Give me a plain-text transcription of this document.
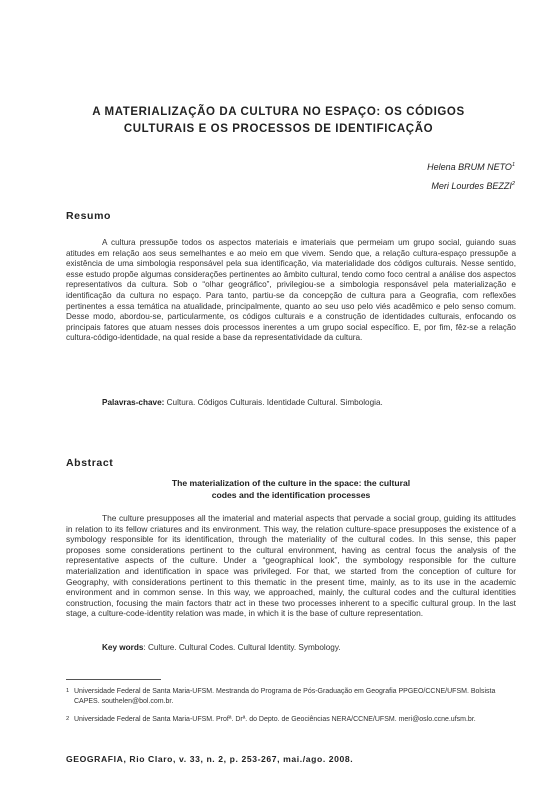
A MATERIALIZAÇÃO DA CULTURA NO ESPAÇO: OS CÓDIGOS
CULTURAIS E OS PROCESSOS DE IDENTIFICAÇÃO
Helena BRUM NETO$^1$
Meri Lourdes BEZZI$^2$
Resumo

A cultura pressupõe todos os aspectos materiais e imateriais que permeiam um grupo social, guiando suas atitudes em relação aos seus semelhantes e ao meio em que vivem. Sendo que, a relação cultura-espaço pressupõe a existência de uma simbologia responsável pela sua identificação, via materialidade dos códigos culturais. Nesse sentido, esse estudo propõe algumas considerações pertinentes ao âmbito cultural, tendo como foco central a análise dos aspectos representativos da cultura. Sob o “olhar geográfico”, privilegiou-se a simbologia responsável pela materialização e identificação da cultura no espaço. Para tanto, partiu-se da concepção de cultura para a Geografia, com reflexões pertinentes a essa temática na atualidade, principalmente, quanto ao seu uso pelo viés acadêmico e pelo senso comum. Desse modo, abordou-se, particularmente, os códigos culturais e a construção de identidades culturais, enfocando os principais fatores que atuam nesses dois processos inerentes a um grupo social específico. E, por fim, fêz-se a relação cultura-código-identidade, na qual reside a base da representatividade da cultura.

Palavras-chave: Cultura. Códigos Culturais. Identidade Cultural. Simbologia.
Abstract
The materialization of the culture in the space: the cultural
codes and the identification processes

The culture presupposes all the imaterial and material aspects that pervade a social group, guiding its attitudes in relation to its fellow criatures and its environment. This way, the relation culture-space presupposes the existence of a symbology responsible for its identification, through the materiality of the cultural codes. In this sense, this paper proposes some considerations pertinent to the cultural environment, having as central focus the analysis of the representative aspects of the culture. Under a “geographical look”, the symbology responsible for the culture materialization and identification in space was privileged. For that, we started from the conception of culture for Geography, with considerations pertinent to this thematic in the present time, mainly, as to its use in the academic environment and in common sense. In this way, we approached, mainly, the cultural codes and the cultural identities construction, focusing the main factors thatr act in these two processes inherent to a specific cultural group. In the last stage, a culture-code-identity relation was made, in which it is the base of culture representation.

Key words: Culture. Cultural Codes. Cultural Identity. Symbology.
1 Universidade Federal de Santa Maria-UFSM. Mestranda do Programa de Pós-Graduação em Geografia PPGEO/CCNE/UFSM. Bolsista CAPES. southelen@bol.com.br.
2 Universidade Federal de Santa Maria-UFSM. Profª. Drª. do Depto. de Geociências NERA/CCNE/UFSM. meri@oslo.ccne.ufsm.br.
GEOGRAFIA, Rio Claro, v. 33, n. 2, p. 253-267, mai./ago. 2008.
